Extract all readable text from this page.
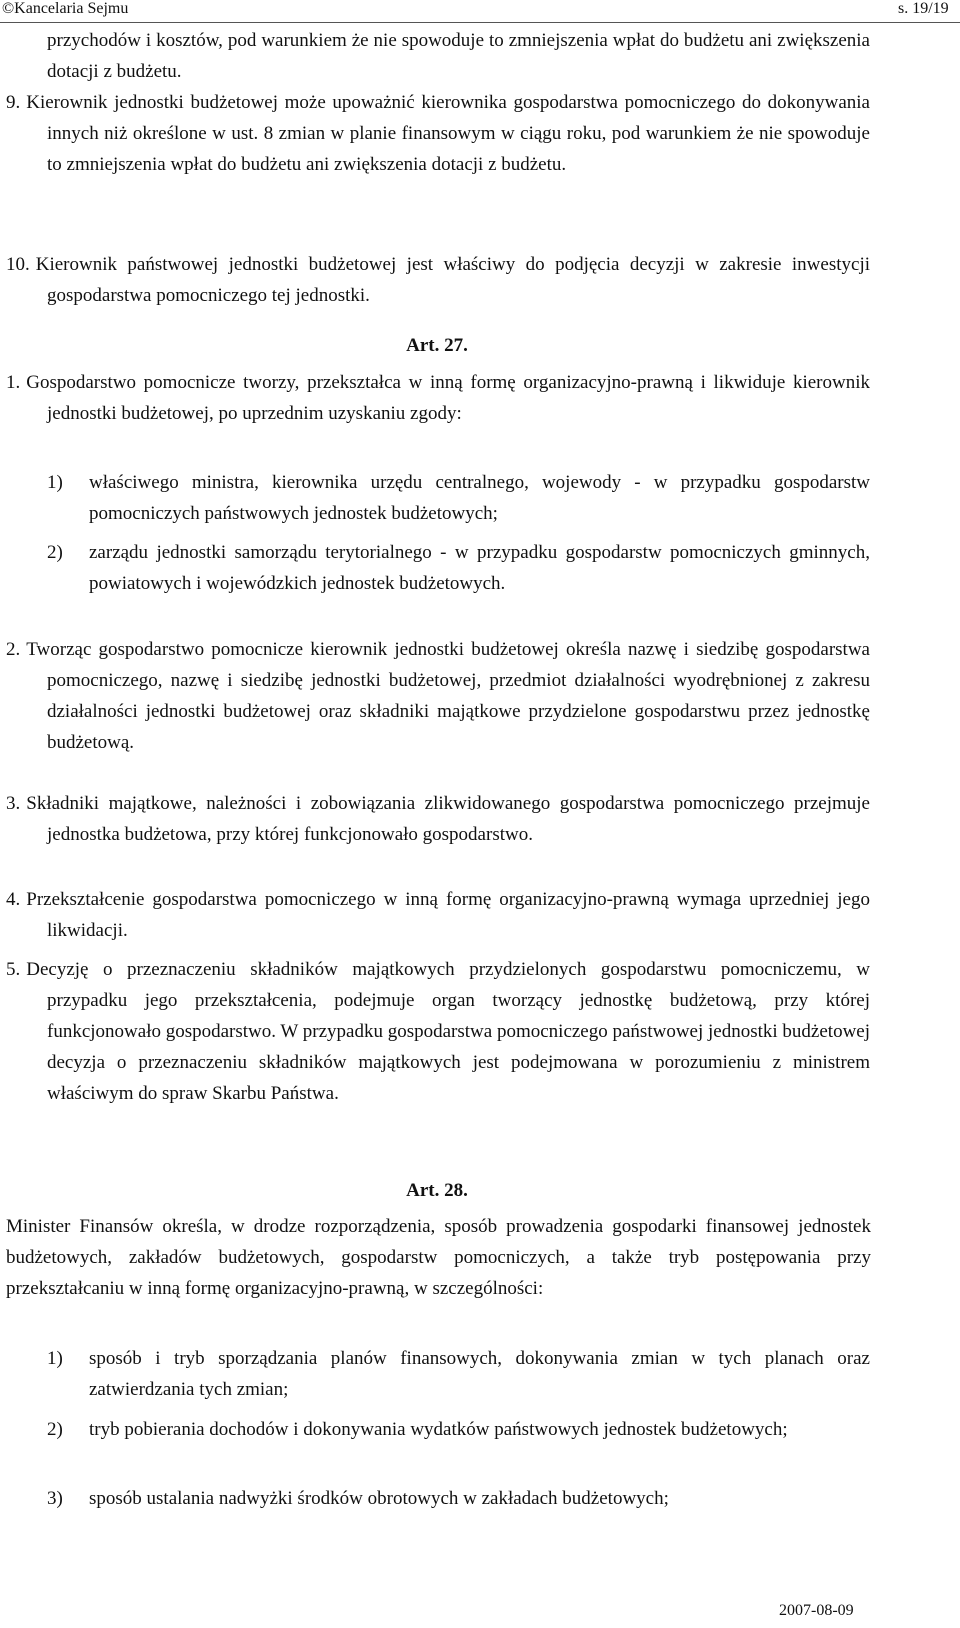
©Kancelaria Sejmu	s. 19/19

przychodów i kosztów, pod warunkiem że nie spowoduje to zmniejszenia wpłat do budżetu ani zwiększenia dotacji z budżetu.

9. Kierownik jednostki budżetowej może upoważnić kierownika gospodarstwa pomocniczego do dokonywania innych niż określone w ust. 8 zmian w planie finansowym w ciągu roku, pod warunkiem że nie spowoduje to zmniejszenia wpłat do budżetu ani zwiększenia dotacji z budżetu.

10. Kierownik państwowej jednostki budżetowej jest właściwy do podjęcia decyzji w zakresie inwestycji gospodarstwa pomocniczego tej jednostki.

Art. 27.

1. Gospodarstwo pomocnicze tworzy, przekształca w inną formę organizacyjno-prawną i likwiduje kierownik jednostki budżetowej, po uprzednim uzyskaniu zgody:

1) właściwego ministra, kierownika urzędu centralnego, wojewody - w przypadku gospodarstw pomocniczych państwowych jednostek budżetowych;

2) zarządu jednostki samorządu terytorialnego - w przypadku gospodarstw pomocniczych gminnych, powiatowych i wojewódzkich jednostek budżetowych.

2. Tworząc gospodarstwo pomocnicze kierownik jednostki budżetowej określa nazwę i siedzibę gospodarstwa pomocniczego, nazwę i siedzibę jednostki budżetowej, przedmiot działalności wyodrębnionej z zakresu działalności jednostki budżetowej oraz składniki majątkowe przydzielone gospodarstwu przez jednostkę budżetową.

3. Składniki majątkowe, należności i zobowiązania zlikwidowanego gospodarstwa pomocniczego przejmuje jednostka budżetowa, przy której funkcjonowało gospodarstwo.

4. Przekształcenie gospodarstwa pomocniczego w inną formę organizacyjno-prawną wymaga uprzedniej jego likwidacji.

5. Decyzję o przeznaczeniu składników majątkowych przydzielonych gospodarstwu pomocniczemu, w przypadku jego przekształcenia, podejmuje organ tworzący jednostkę budżetową, przy której funkcjonowało gospodarstwo. W przypadku gospodarstwa pomocniczego państwowej jednostki budżetowej decyzja o przeznaczeniu składników majątkowych jest podejmowana w porozumieniu z ministrem właściwym do spraw Skarbu Państwa.

Art. 28.

Minister Finansów określa, w drodze rozporządzenia, sposób prowadzenia gospodarki finansowej jednostek budżetowych, zakładów budżetowych, gospodarstw pomocniczych, a także tryb postępowania przy przekształcaniu w inną formę organizacyjno-prawną, w szczególności:

1) sposób i tryb sporządzania planów finansowych, dokonywania zmian w tych planach oraz zatwierdzania tych zmian;

2) tryb pobierania dochodów i dokonywania wydatków państwowych jednostek budżetowych;

3) sposób ustalania nadwyżki środków obrotowych w zakładach budżetowych;

2007-08-09
